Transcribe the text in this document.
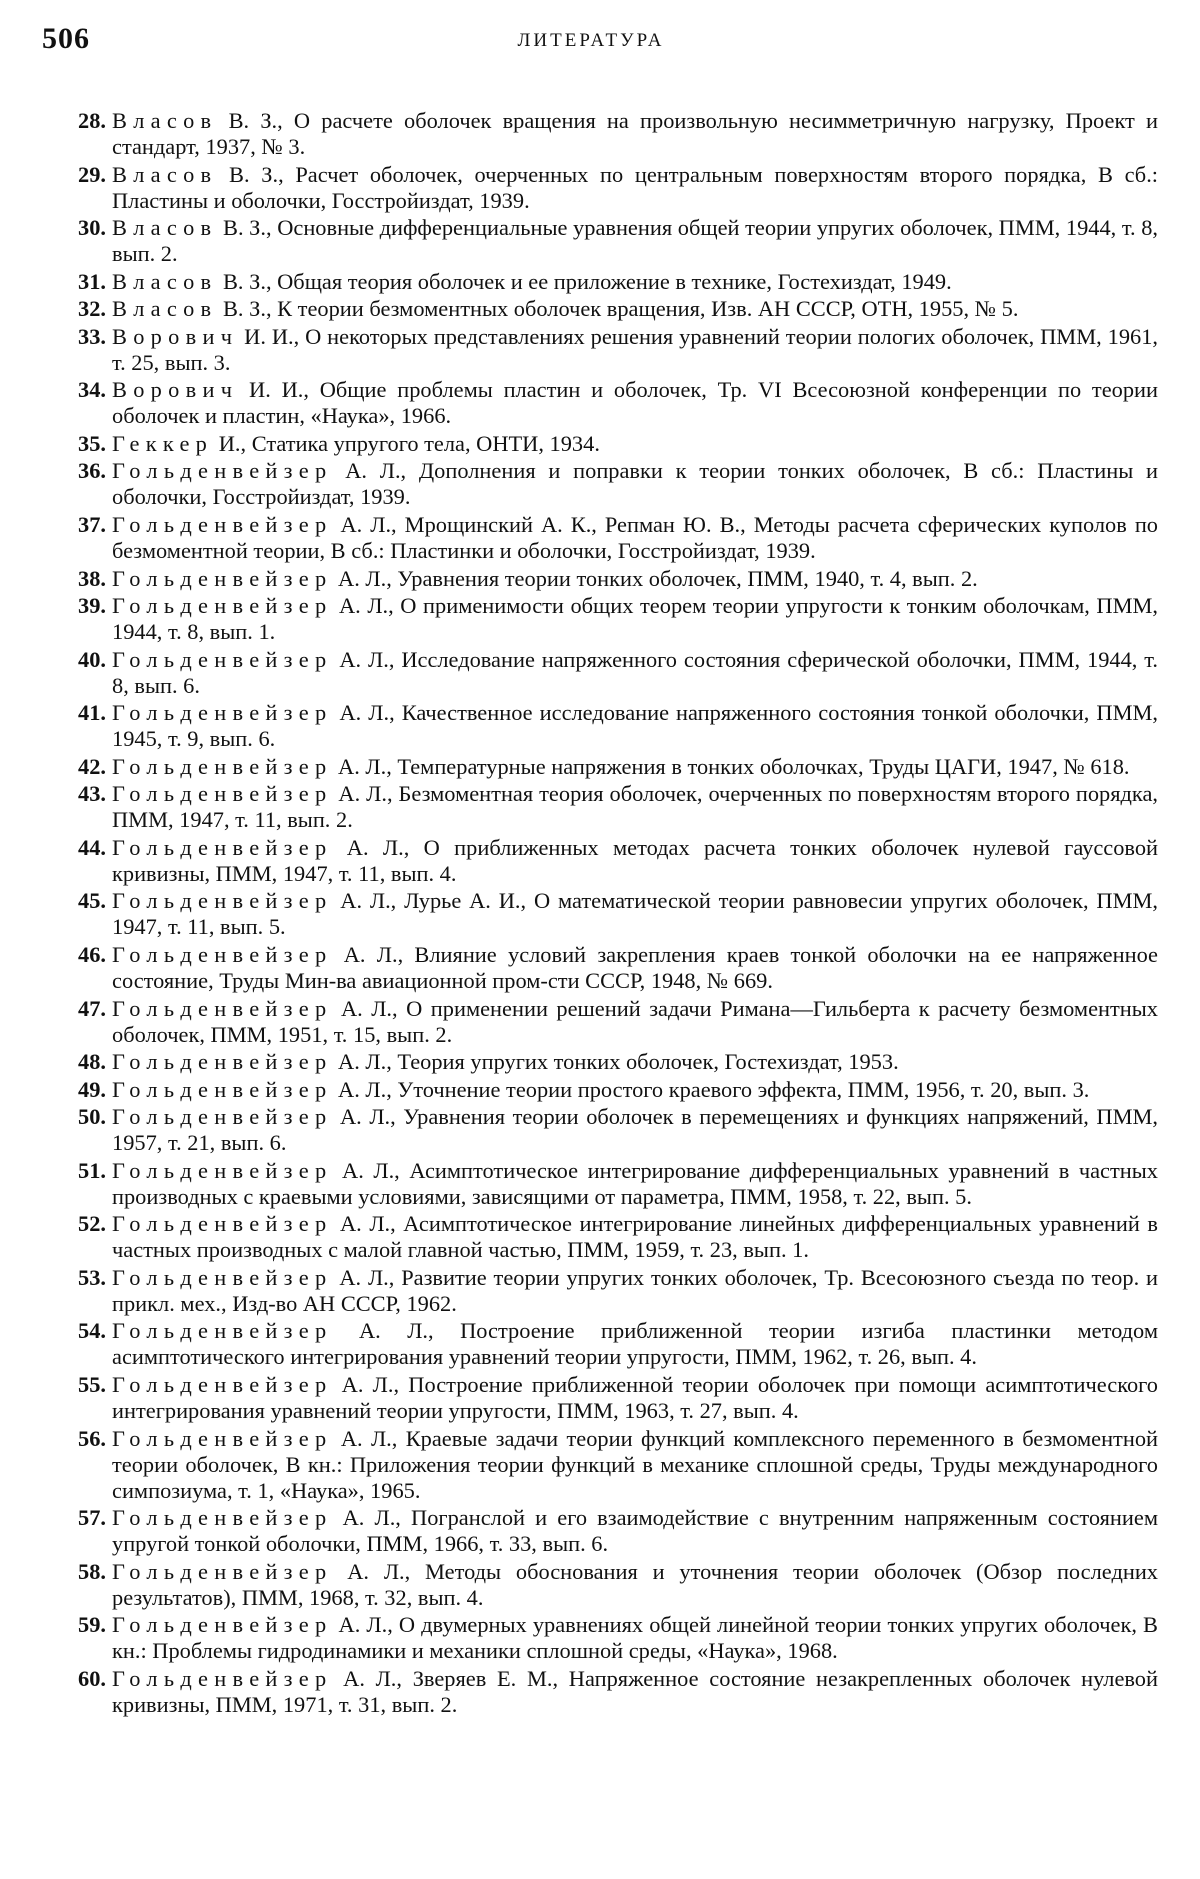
506	ЛИТЕРАТУРА

28. Власов В. З., О расчете оболочек вращения на произвольную несимметричную нагрузку, Проект и стандарт, 1937, № 3.

29. Власов В. З., Расчет оболочек, очерченных по центральным поверхностям второго порядка, В сб.: Пластины и оболочки, Госстройиздат, 1939.

30. Власов В. З., Основные дифференциальные уравнения общей теории упругих оболочек, ПММ, 1944, т. 8, вып. 2.

31. Власов В. З., Общая теория оболочек и ее приложение в технике, Гостехиздат, 1949.

32. Власов В. З., К теории безмоментных оболочек вращения, Изв. АН СССР, ОТН, 1955, № 5.

33. Ворович И. И., О некоторых представлениях решения уравнений теории пологих оболочек, ПММ, 1961, т. 25, вып. 3.

34. Ворович И. И., Общие проблемы пластин и оболочек, Тр. VI Всесоюзной конференции по теории оболочек и пластин, «Наука», 1966.

35. Геккер И., Статика упругого тела, ОНТИ, 1934.

36. Гольденвейзер А. Л., Дополнения и поправки к теории тонких оболочек, В сб.: Пластины и оболочки, Госстройиздат, 1939.

37. Гольденвейзер А. Л., Мрощинский А. К., Репман Ю. В., Методы расчета сферических куполов по безмоментной теории, В сб.: Пластинки и оболочки, Госстройиздат, 1939.

38. Гольденвейзер А. Л., Уравнения теории тонких оболочек, ПММ, 1940, т. 4, вып. 2.

39. Гольденвейзер А. Л., О применимости общих теорем теории упругости к тонким оболочкам, ПММ, 1944, т. 8, вып. 1.

40. Гольденвейзер А. Л., Исследование напряженного состояния сферической оболочки, ПММ, 1944, т. 8, вып. 6.

41. Гольденвейзер А. Л., Качественное исследование напряженного состояния тонкой оболочки, ПММ, 1945, т. 9, вып. 6.

42. Гольденвейзер А. Л., Температурные напряжения в тонких оболочках, Труды ЦАГИ, 1947, № 618.

43. Гольденвейзер А. Л., Безмоментная теория оболочек, очерченных по поверхностям второго порядка, ПММ, 1947, т. 11, вып. 2.

44. Гольденвейзер А. Л., О приближенных методах расчета тонких оболочек нулевой гауссовой кривизны, ПММ, 1947, т. 11, вып. 4.

45. Гольденвейзер А. Л., Лурье А. И., О математической теории равновесии упругих оболочек, ПММ, 1947, т. 11, вып. 5.

46. Гольденвейзер А. Л., Влияние условий закрепления краев тонкой оболочки на ее напряженное состояние, Труды Мин-ва авиационной пром-сти СССР, 1948, № 669.

47. Гольденвейзер А. Л., О применении решений задачи Римана—Гильберта к расчету безмоментных оболочек, ПММ, 1951, т. 15, вып. 2.

48. Гольденвейзер А. Л., Теория упругих тонких оболочек, Гостехиздат, 1953.

49. Гольденвейзер А. Л., Уточнение теории простого краевого эффекта, ПММ, 1956, т. 20, вып. 3.

50. Гольденвейзер А. Л., Уравнения теории оболочек в перемещениях и функциях напряжений, ПММ, 1957, т. 21, вып. 6.

51. Гольденвейзер А. Л., Асимптотическое интегрирование дифференциальных уравнений в частных производных с краевыми условиями, зависящими от параметра, ПММ, 1958, т. 22, вып. 5.

52. Гольденвейзер А. Л., Асимптотическое интегрирование линейных дифференциальных уравнений в частных производных с малой главной частью, ПММ, 1959, т. 23, вып. 1.

53. Гольденвейзер А. Л., Развитие теории упругих тонких оболочек, Тр. Всесоюзного съезда по теор. и прикл. мех., Изд-во АН СССР, 1962.

54. Гольденвейзер А. Л., Построение приближенной теории изгиба пластинки методом асимптотического интегрирования уравнений теории упругости, ПММ, 1962, т. 26, вып. 4.

55. Гольденвейзер А. Л., Построение приближенной теории оболочек при помощи асимптотического интегрирования уравнений теории упругости, ПММ, 1963, т. 27, вып. 4.

56. Гольденвейзер А. Л., Краевые задачи теории функций комплексного переменного в безмоментной теории оболочек, В кн.: Приложения теории функций в механике сплошной среды, Труды международного симпозиума, т. 1, «Наука», 1965.

57. Гольденвейзер А. Л., Погранслой и его взаимодействие с внутренним напряженным состоянием упругой тонкой оболочки, ПММ, 1966, т. 33, вып. 6.

58. Гольденвейзер А. Л., Методы обоснования и уточнения теории оболочек (Обзор последних результатов), ПММ, 1968, т. 32, вып. 4.

59. Гольденвейзер А. Л., О двумерных уравнениях общей линейной теории тонких упругих оболочек, В кн.: Проблемы гидродинамики и механики сплошной среды, «Наука», 1968.

60. Гольденвейзер А. Л., Зверяев Е. М., Напряженное состояние незакрепленных оболочек нулевой кривизны, ПММ, 1971, т. 31, вып. 2.
